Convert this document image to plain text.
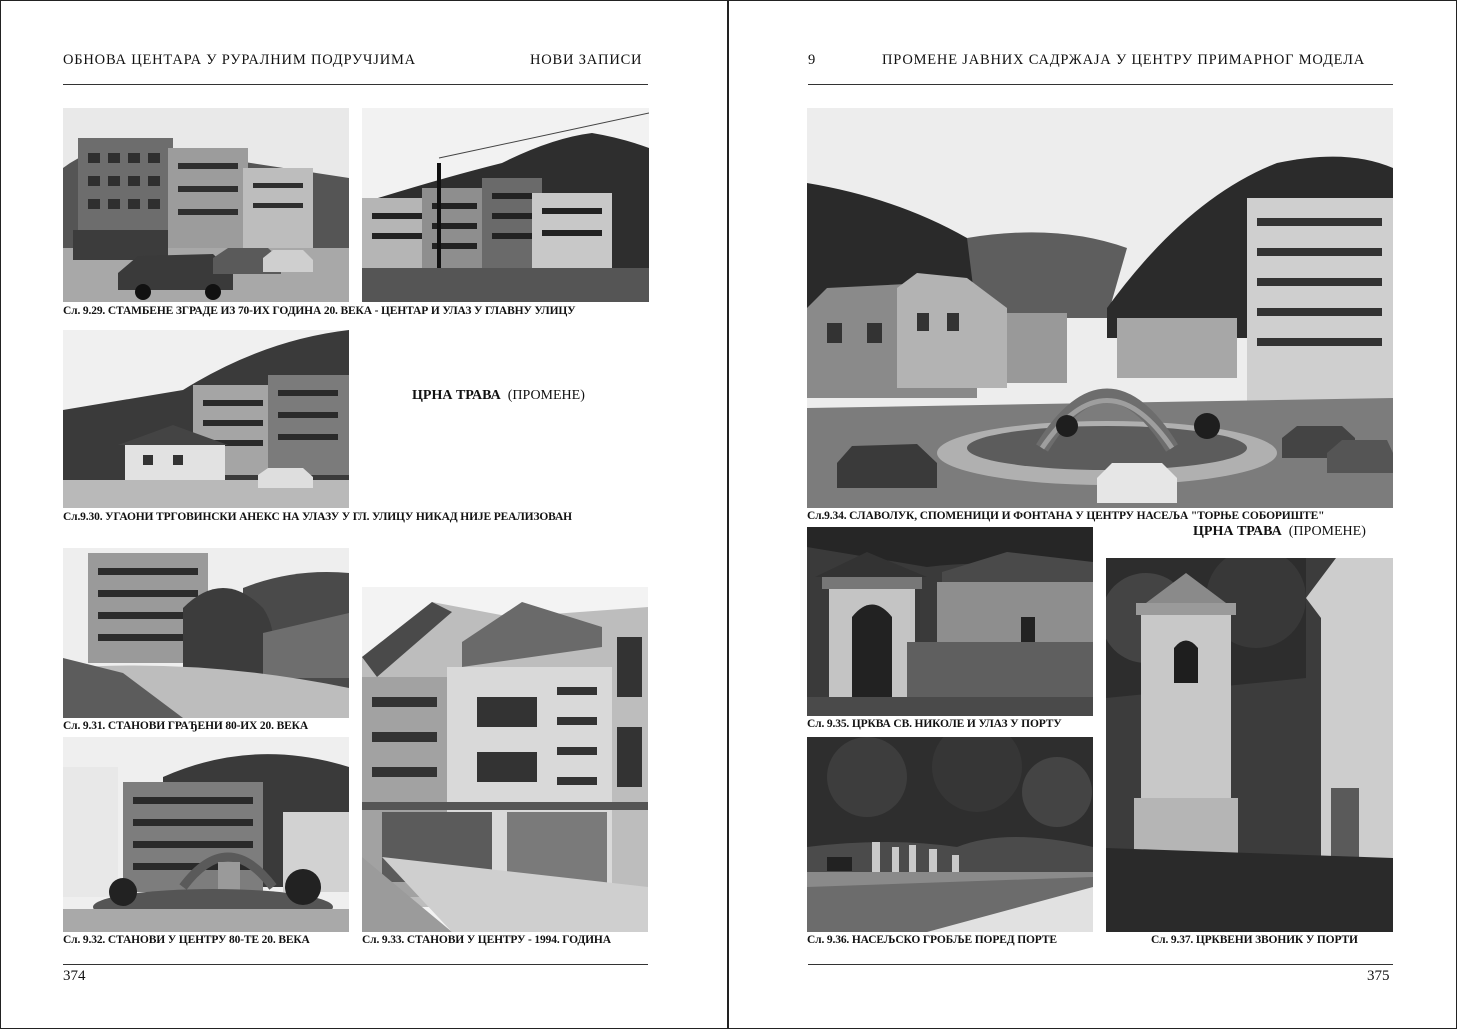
ОБНОВА ЦЕНТАРА У РУРАЛНИМ ПОДРУЧЈИМА	НОВИ ЗАПИСИ
Сл. 9.29. СТАМБЕНЕ ЗГРАДЕ ИЗ 70-ИХ ГОДИНА 20. ВЕКА - ЦЕНТАР И УЛАЗ У ГЛАВНУ УЛИЦУ
ЦРНА ТРАВА (ПРОМЕНЕ)
Сл.9.30. УГАОНИ ТРГОВИНСКИ АНЕКС НА УЛАЗУ У ГЛ. УЛИЦУ НИКАД НИЈЕ РЕАЛИЗОВАН
Сл. 9.31. СТАНОВИ ГРАЂЕНИ 80-ИХ 20. ВЕКА
Сл. 9.32. СТАНОВИ У ЦЕНТРУ 80-ТЕ 20. ВЕКА	Сл. 9.33. СТАНОВИ У ЦЕНТРУ - 1994. ГОДИНА
374
9	ПРОМЕНЕ ЈАВНИХ САДРЖАЈА У ЦЕНТРУ ПРИМАРНОГ МОДЕЛА
Сл.9.34. СЛАВОЛУК, СПОМЕНИЦИ И ФОНТАНА У ЦЕНТРУ НАСЕЉА "ТОРЊЕ СОБОРИШТЕ"
ЦРНА ТРАВА (ПРОМЕНЕ)
Сл. 9.35. ЦРКВА СВ. НИКОЛЕ И УЛАЗ У ПОРТУ
Сл. 9.36. НАСЕЉСКО ГРОБЉЕ ПОРЕД ПОРТЕ	Сл. 9.37. ЦРКВЕНИ ЗВОНИК У ПОРТИ
375
